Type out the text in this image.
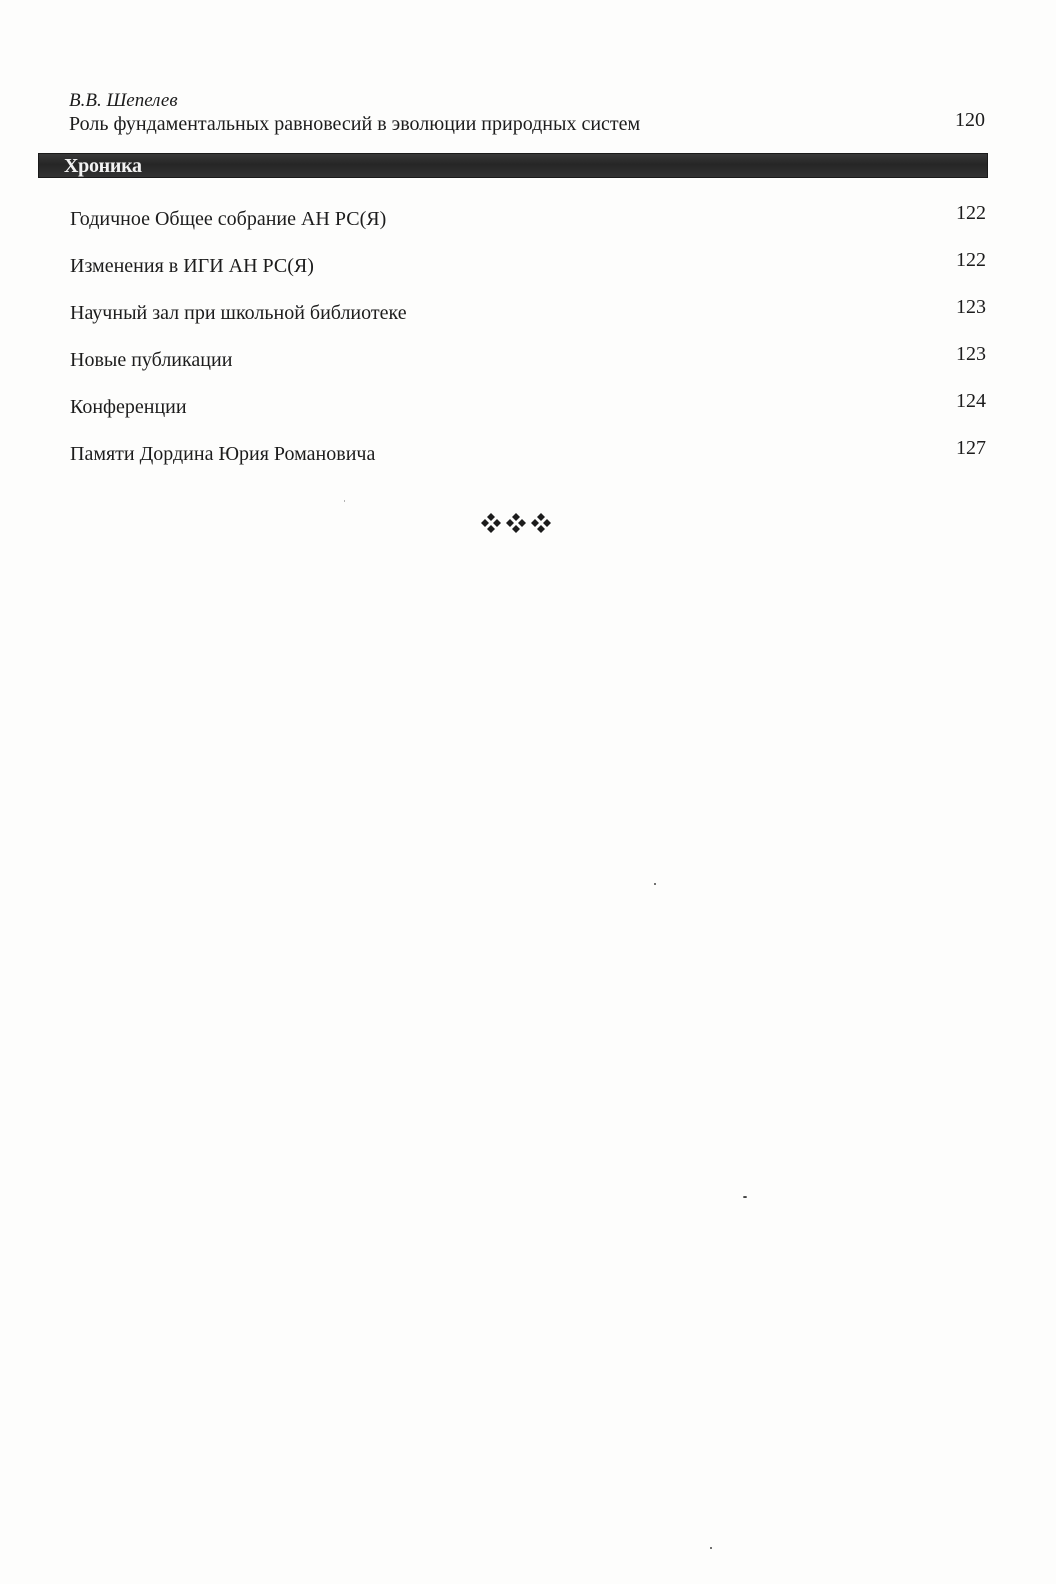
В.В. Шепелев
Роль фундаментальных равновесий в эволюции природных систем	120
Хроника
Годичное Общее собрание АН РС(Я)	122
Изменения в ИГИ АН РС(Я)	122
Научный зал при школьной библиотеке	123
Новые публикации	123
Конференции	124
Памяти Дордина Юрия Романовича	127
